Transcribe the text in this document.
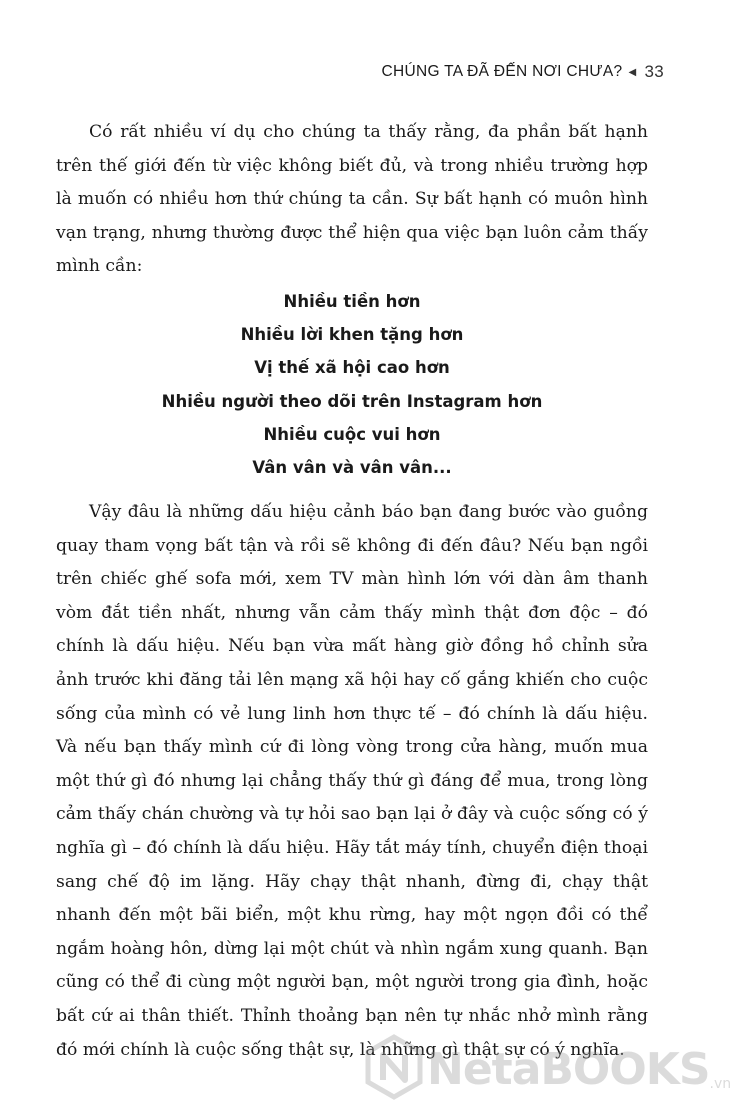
CHÚNG TA ĐÃ ĐẾN NƠI CHƯA? ◀ 33

Có rất nhiều ví dụ cho chúng ta thấy rằng, đa phần bất hạnh trên thế giới đến từ việc không biết đủ, và trong nhiều trường hợp là muốn có nhiều hơn thứ chúng ta cần. Sự bất hạnh có muôn hình vạn trạng, nhưng thường được thể hiện qua việc bạn luôn cảm thấy mình cần:

Nhiều tiền hơn
Nhiều lời khen tặng hơn
Vị thế xã hội cao hơn
Nhiều người theo dõi trên Instagram hơn
Nhiều cuộc vui hơn
Vân vân và vân vân...

Vậy đâu là những dấu hiệu cảnh báo bạn đang bước vào guồng quay tham vọng bất tận và rồi sẽ không đi đến đâu? Nếu bạn ngồi trên chiếc ghế sofa mới, xem TV màn hình lớn với dàn âm thanh vòm đắt tiền nhất, nhưng vẫn cảm thấy mình thật đơn độc – đó chính là dấu hiệu. Nếu bạn vừa mất hàng giờ đồng hồ chỉnh sửa ảnh trước khi đăng tải lên mạng xã hội hay cố gắng khiến cho cuộc sống của mình có vẻ lung linh hơn thực tế – đó chính là dấu hiệu. Và nếu bạn thấy mình cứ đi lòng vòng trong cửa hàng, muốn mua một thứ gì đó nhưng lại chẳng thấy thứ gì đáng để mua, trong lòng cảm thấy chán chường và tự hỏi sao bạn lại ở đây và cuộc sống có ý nghĩa gì – đó chính là dấu hiệu. Hãy tắt máy tính, chuyển điện thoại sang chế độ im lặng. Hãy chạy thật nhanh, đừng đi, chạy thật nhanh đến một bãi biển, một khu rừng, hay một ngọn đồi có thể ngắm hoàng hôn, dừng lại một chút và nhìn ngắm xung quanh. Bạn cũng có thể đi cùng một người bạn, một người trong gia đình, hoặc bất cứ ai thân thiết. Thỉnh thoảng bạn nên tự nhắc nhở mình rằng đó mới chính là cuộc sống thật sự, là những gì thật sự có ý nghĩa.

NetaBOOKS .vn
